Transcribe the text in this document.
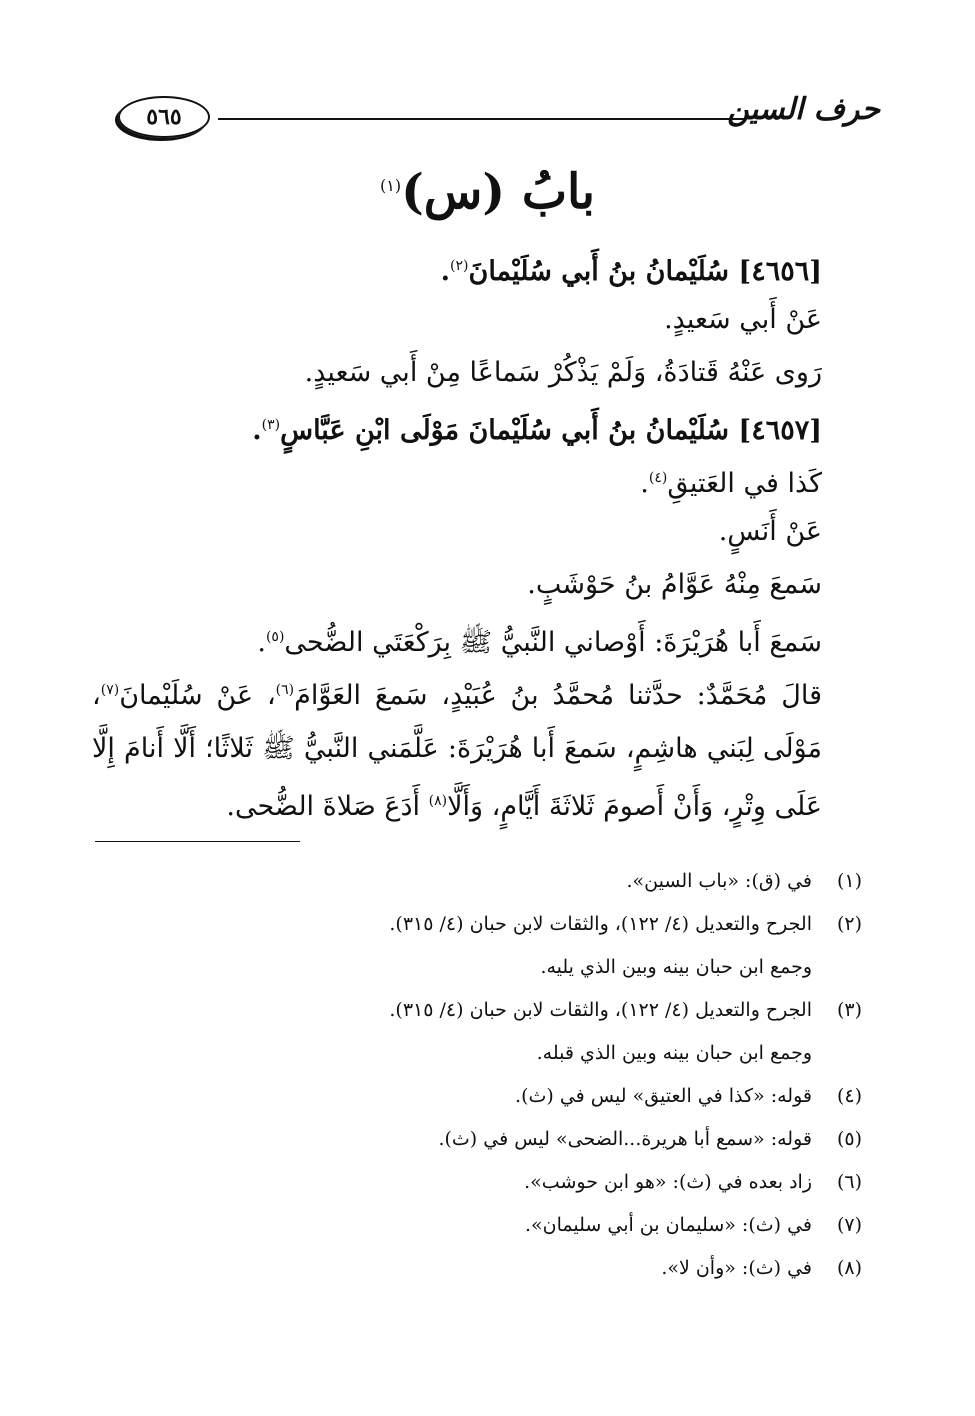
٥٦٥	حرف السين
بابُ (س)$^{(١)}$
[٤٦٥٦] سُلَيْمانُ بنُ أَبي سُلَيْمانَ$^{(٢)}$.
عَنْ أَبي سَعيدٍ.
رَوى عَنْهُ قَتادَةُ، وَلَمْ يَذْكُرْ سَماعًا مِنْ أَبي سَعيدٍ.
[٤٦٥٧] سُلَيْمانُ بنُ أَبي سُلَيْمانَ مَوْلَى ابْنِ عَبَّاسٍ$^{(٣)}$.
كَذا في العَتيقِ$^{(٤)}$.
عَنْ أَنَسٍ.
سَمعَ مِنْهُ عَوَّامُ بنُ حَوْشَبٍ.
سَمعَ أَبا هُرَيْرَةَ: أَوْصاني النَّبيُّ ﷺ بِرَكْعَتَي الضُّحى$^{(٥)}$.
قالَ مُحَمَّدٌ: حدَّثنا مُحمَّدُ بنُ عُبَيْدٍ، سَمعَ العَوَّامَ$^{(٦)}$، عَنْ سُلَيْمانَ$^{(٧)}$، مَوْلَى لِبَني هاشِمٍ، سَمعَ أَبا هُرَيْرَةَ: عَلَّمَني النَّبيُّ ﷺ ثَلاثًا؛ أَلَّا أَنامَ إِلَّا عَلَى وِتْرٍ، وَأَنْ أَصومَ ثَلاثَةَ أَيَّامٍ، وَأَلَّا$^{(٨)}$ أَدَعَ صَلاةَ الضُّحى.
(١)
في (ق): «باب السين».
(٢)
الجرح والتعديل (٤/ ١٢٢)، والثقات لابن حبان (٤/ ٣١٥).
وجمع ابن حبان بينه وبين الذي يليه.
(٣)
الجرح والتعديل (٤/ ١٢٢)، والثقات لابن حبان (٤/ ٣١٥).
وجمع ابن حبان بينه وبين الذي قبله.
(٤)
قوله: «كذا في العتيق» ليس في (ث).
(٥)
قوله: «سمع أبا هريرة...الضحى» ليس في (ث).
(٦)
زاد بعده في (ث): «هو ابن حوشب».
(٧)
في (ث): «سليمان بن أبي سليمان».
(٨)
في (ث): «وأن لا».
